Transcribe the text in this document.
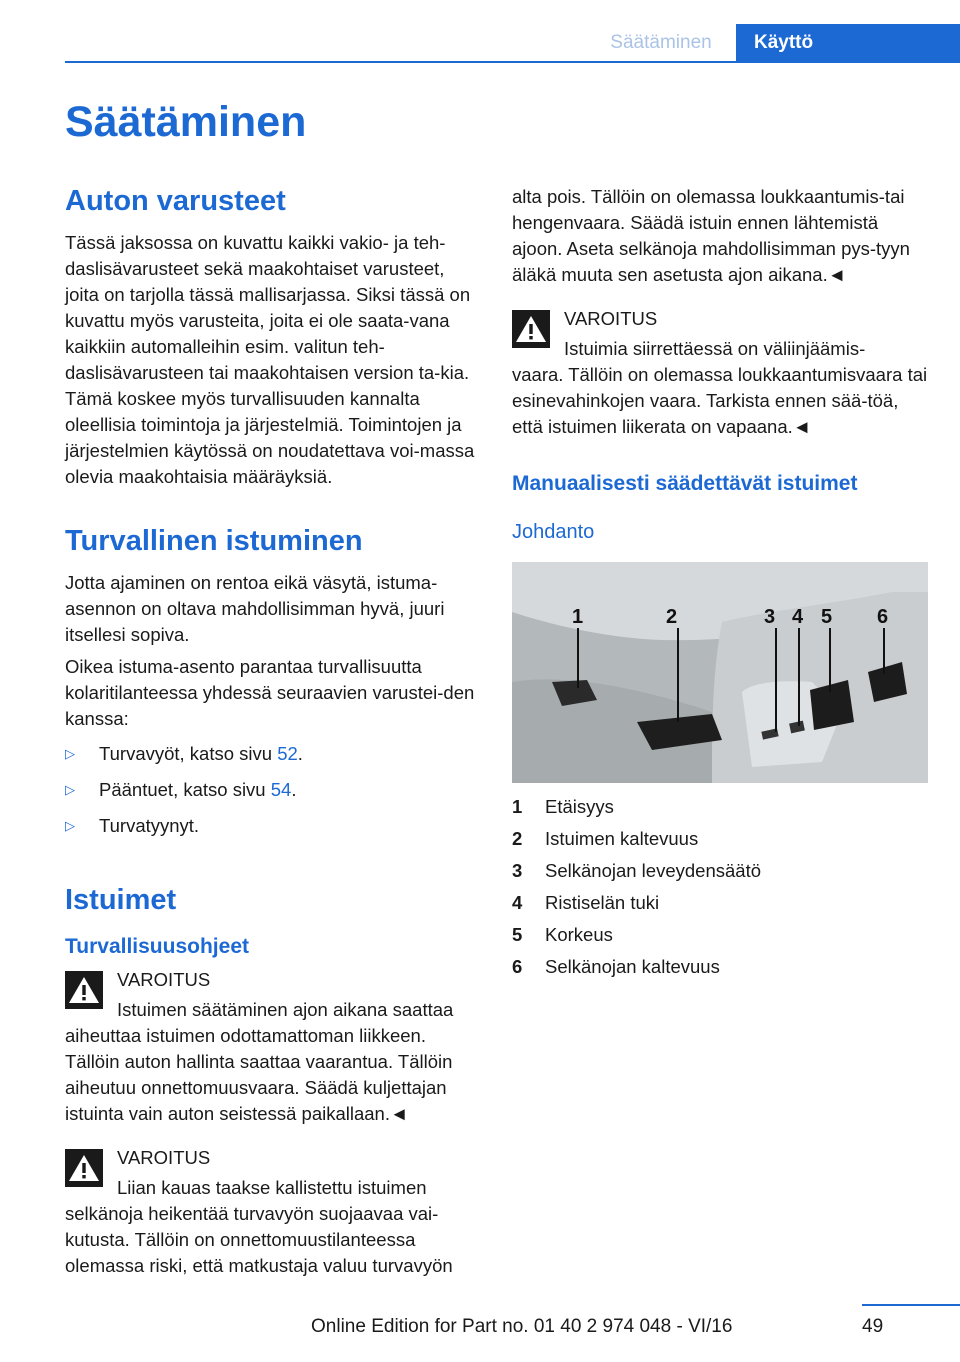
Säätäminen	Käyttö
Säätäminen
Auton varusteet

Tässä jaksossa on kuvattu kaikki vakio- ja teh-daslisävarusteet sekä maakohtaiset varusteet, joita on tarjolla tässä mallisarjassa. Siksi tässä on kuvattu myös varusteita, joita ei ole saata-vana kaikkiin automalleihin esim. valitun teh-daslisävarusteen tai maakohtaisen version ta-kia. Tämä koskee myös turvallisuuden kannalta oleellisia toimintoja ja järjestelmiä. Toimintojen ja järjestelmien käytössä on noudatettava voi-massa olevia maakohtaisia määräyksiä.

Turvallinen istuminen

Jotta ajaminen on rentoa eikä väsytä, istuma-asennon on oltava mahdollisimman hyvä, juuri itsellesi sopiva.

Oikea istuma-asento parantaa turvallisuutta kolaritilanteessa yhdessä seuraavien varustei-den kanssa:

▷	Turvavyöt, katso sivu 52.
▷	Pääntuet, katso sivu 54.
▷	Turvatyynyt.
Istuimet
Turvallisuusohjeet
VAROITUS

Istuimen säätäminen ajon aikana saattaa

aiheuttaa istuimen odottamattoman liikkeen. Tällöin auton hallinta saattaa vaarantua. Tällöin aiheutuu onnettomuusvaara. Säädä kuljettajan istuinta vain auton seistessä paikallaan.◄

VAROITUS

Liian kauas taakse kallistettu istuimen

selkänoja heikentää turvavyön suojaavaa vai-kutusta. Tällöin on onnettomuustilanteessa olemassa riski, että matkustaja valuu turvavyön

alta pois. Tällöin on olemassa loukkaantumis-tai hengenvaara. Säädä istuin ennen lähtemistä ajoon. Aseta selkänoja mahdollisimman pys-tyyn äläkä muuta sen asetusta ajon aikana.◄

VAROITUS

Istuimia siirrettäessä on väliinjäämis-

vaara. Tällöin on olemassa loukkaantumisvaara tai esinevahinkojen vaara. Tarkista ennen sää-töä, että istuimen liikerata on vapaana.◄

Manuaalisesti säädettävät istuimet
Johdanto
1	2	3 4 5 6
1	Etäisyys
2	Istuimen kaltevuus
3	Selkänojan leveydensäätö
4	Ristiselän tuki
5	Korkeus
6	Selkänojan kaltevuus
Online Edition for Part no. 01 40 2 974 048 - VI/16	49
